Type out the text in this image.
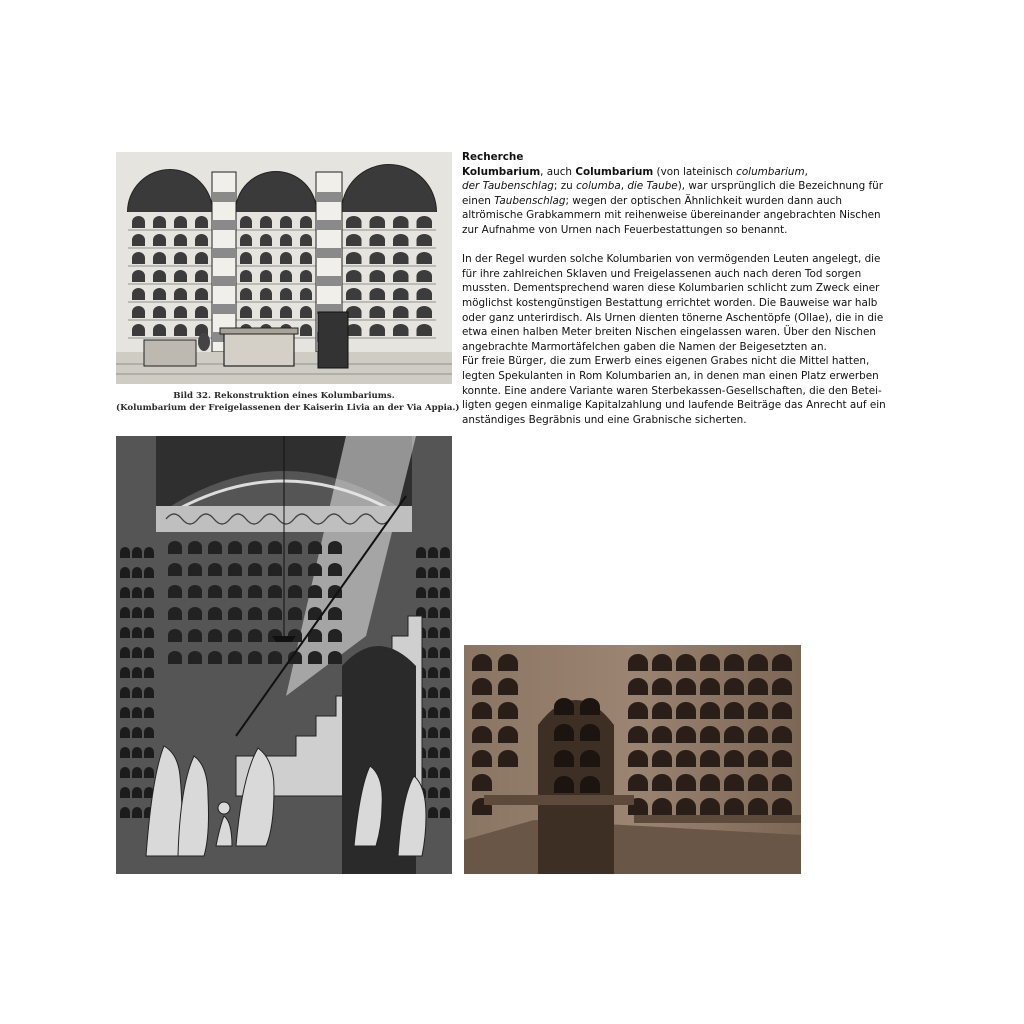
Bild 32. Rekonstruktion eines Kolumbariums.
(Kolumbarium der Freigelassenen der Kaiserin Livia an der Via Appia.)
Recherche
Kolumbarium, auch Columbarium (von lateinisch columbarium,
der Taubenschlag; zu columba, die Taube), war ursprünglich die Bezeichnung für
einen Taubenschlag; wegen der optischen Ähnlichkeit wurden dann auch
altrömische Grabkammern mit reihenweise übereinander angebrachten Nischen
zur Aufnahme von Urnen nach Feuerbestattungen so benannt.
In der Regel wurden solche Kolumbarien von vermögenden Leuten angelegt, die
für ihre zahlreichen Sklaven und Freigelassenen auch nach deren Tod sorgen
mussten. Dementsprechend waren diese Kolumbarien schlicht zum Zweck einer
möglichst kostengünstigen Bestattung errichtet worden. Die Bauweise war halb
oder ganz unterirdisch. Als Urnen dienten tönerne Aschentöpfe (Ollae), die in die
etwa einen halben Meter breiten Nischen eingelassen waren. Über den Nischen
angebrachte Marmortäfelchen gaben die Namen der Beigesetzten an.
Für freie Bürger, die zum Erwerb eines eigenen Grabes nicht die Mittel hatten,
legten Spekulanten in Rom Kolumbarien an, in denen man einen Platz erwerben
konnte. Eine andere Variante waren Sterbekassen-Gesellschaften, die den Betei-
ligten gegen einmalige Kapitalzahlung und laufende Beiträge das Anrecht auf ein
anständiges Begräbnis und eine Grabnische sicherten.
